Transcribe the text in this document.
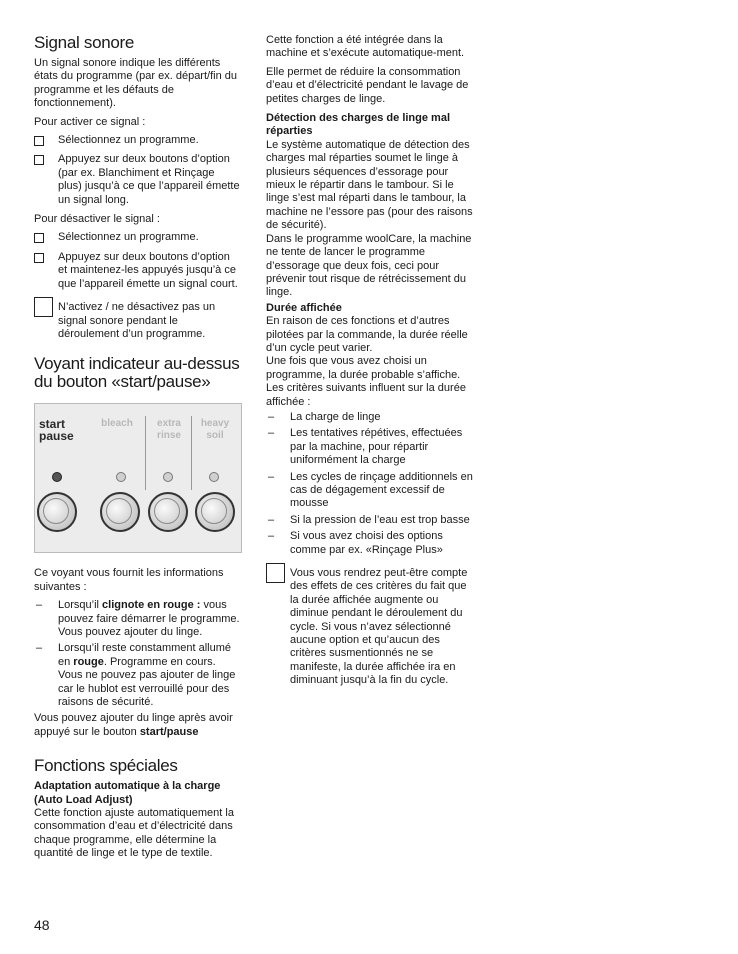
Signal sonore

Un signal sonore indique les différents états du programme (par ex. départ/fin du programme et les défauts de fonctionnement).

Pour activer ce signal :

Sélectionnez un programme.
Appuyez sur deux boutons d’option (par ex. Blanchiment et Rinçage plus) jusqu’à ce que l’appareil émette un signal long.

Pour désactiver le signal :

Sélectionnez un programme.
Appuyez sur deux boutons d’option et maintenez-les appuyés jusqu’à ce que l’appareil émette un signal court.
N’activez / ne désactivez pas un signal sonore pendant le déroulement d’un programme.
Voyant indicateur au-dessus du bouton «start/pause»
start
pause
bleach	extra
rinse
heavy
soil

Ce voyant vous fournit les informations suivantes :

– Lorsqu’il clignote en rouge : vous pouvez faire démarrer le programme. Vous pouvez ajouter du linge.
– Lorsqu’il reste constamment allumé en rouge. Programme en cours. Vous ne pouvez pas ajouter de linge car le hublot est verrouillé pour des raisons de sécurité.

Vous pouvez ajouter du linge après avoir appuyé sur le bouton start/pause

Fonctions spéciales

Adaptation automatique à la charge (Auto Load Adjust)

Cette fonction ajuste automatiquement la consommation d’eau et d’électricité dans chaque programme, elle détermine la quantité de linge et le type de textile.

Cette fonction a été intégrée dans la machine et s’exécute automatique-ment.

Elle permet de réduire la consommation d’eau et d’électricité pendant le lavage de petites charges de linge.

Détection des charges de linge mal réparties

Le système automatique de détection des charges mal réparties soumet le linge à plusieurs séquences d’essorage pour mieux le répartir dans le tambour. Si le linge s’est mal réparti dans le tambour, la machine ne l’essore pas (pour des raisons de sécurité).

Dans le programme woolCare, la machine ne tente de lancer le programme d’essorage que deux fois, ceci pour prévenir tout risque de rétrécissement du linge.

Durée affichée

En raison de ces fonctions et d’autres pilotées par la commande, la durée réelle d’un cycle peut varier.

Une fois que vous avez choisi un programme, la durée probable s’affiche.

Les critères suivants influent sur la durée affichée :

– La charge de linge
– Les tentatives répétives, effectuées par la machine, pour répartir uniformément la charge
– Les cycles de rinçage additionnels en cas de dégagement excessif de mousse
– Si la pression de l’eau est trop basse
– Si vous avez choisi des options comme par ex. «Rinçage Plus»
Vous vous rendrez peut-être compte des effets de ces critères du fait que la durée affichée augmente ou diminue pendant le déroulement du cycle. Si vous n’avez sélectionné aucune option et qu’aucun des critères susmentionnés ne se manifeste, la durée affichée ira en diminuant jusqu’à la fin du cycle.
48
